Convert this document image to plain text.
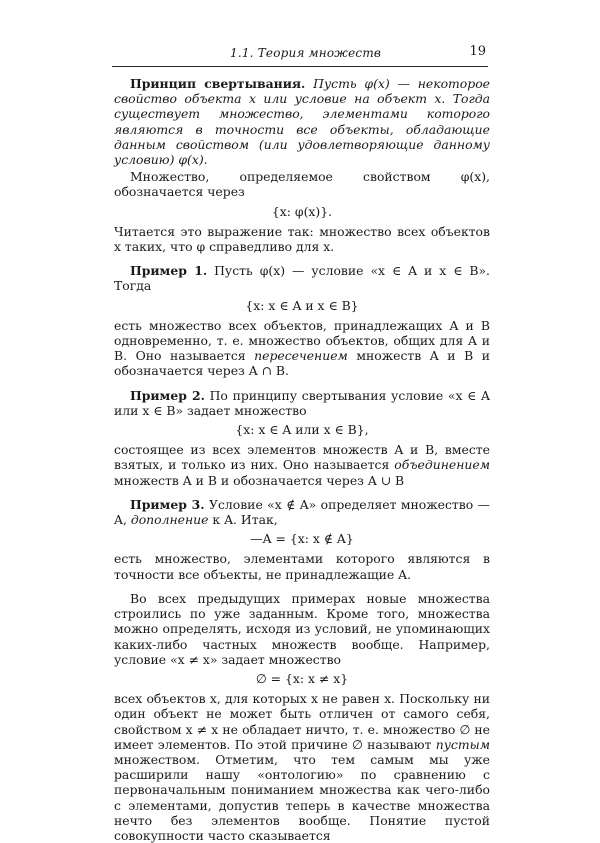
1.1. Теория множеств	19

Принцип свертывания. Пусть φ(x) — некоторое свойство объекта x или условие на объект x. Тогда существует множество, элементами которого являются в точности все объекты, обладающие данным свойством (или удовлетворяющие данному условию) φ(x).

Множество, определяемое свойством φ(x), обозначается через

{x: φ(x)}.

Читается это выражение так: множество всех объектов x таких, что φ справедливо для x.

Пример 1. Пусть φ(x) — условие «x ∈ A и x ∈ B». Тогда

{x: x ∈ A и x ∈ B}

есть множество всех объектов, принадлежащих A и B одновременно, т. е. множество объектов, общих для A и B. Оно называется пересечением множеств A и B и обозначается через A ∩ B.

Пример 2. По принципу свертывания условие «x ∈ A или x ∈ B» задает множество

{x: x ∈ A или x ∈ B},

состоящее из всех элементов множеств A и B, вместе взятых, и только из них. Оно называется объединением множеств A и B и обозначается через A ∪ B

Пример 3. Условие «x ∉ A» определяет множество —A, дополнение к A. Итак,

—A = {x: x ∉ A}

есть множество, элементами которого являются в точности все объекты, не принадлежащие A.

Во всех предыдущих примерах новые множества строились по уже заданным. Кроме того, множества можно определять, исходя из условий, не упоминающих каких-либо частных множеств вообще. Например, условие «x ≠ x» задает множество

∅ = {x: x ≠ x}

всех объектов x, для которых x не равен x. Поскольку ни один объект не может быть отличен от самого себя, свойством x ≠ x не обладает ничто, т. е. множество ∅ не имеет элементов. По этой причине ∅ называют пустым множеством. Отметим, что тем самым мы уже расширили нашу «онтологию» по сравнению с первоначальным пониманием множества как чего-либо с элементами, допустив теперь в качестве множества нечто без элементов вообще. Понятие пустой совокупности часто сказывается
